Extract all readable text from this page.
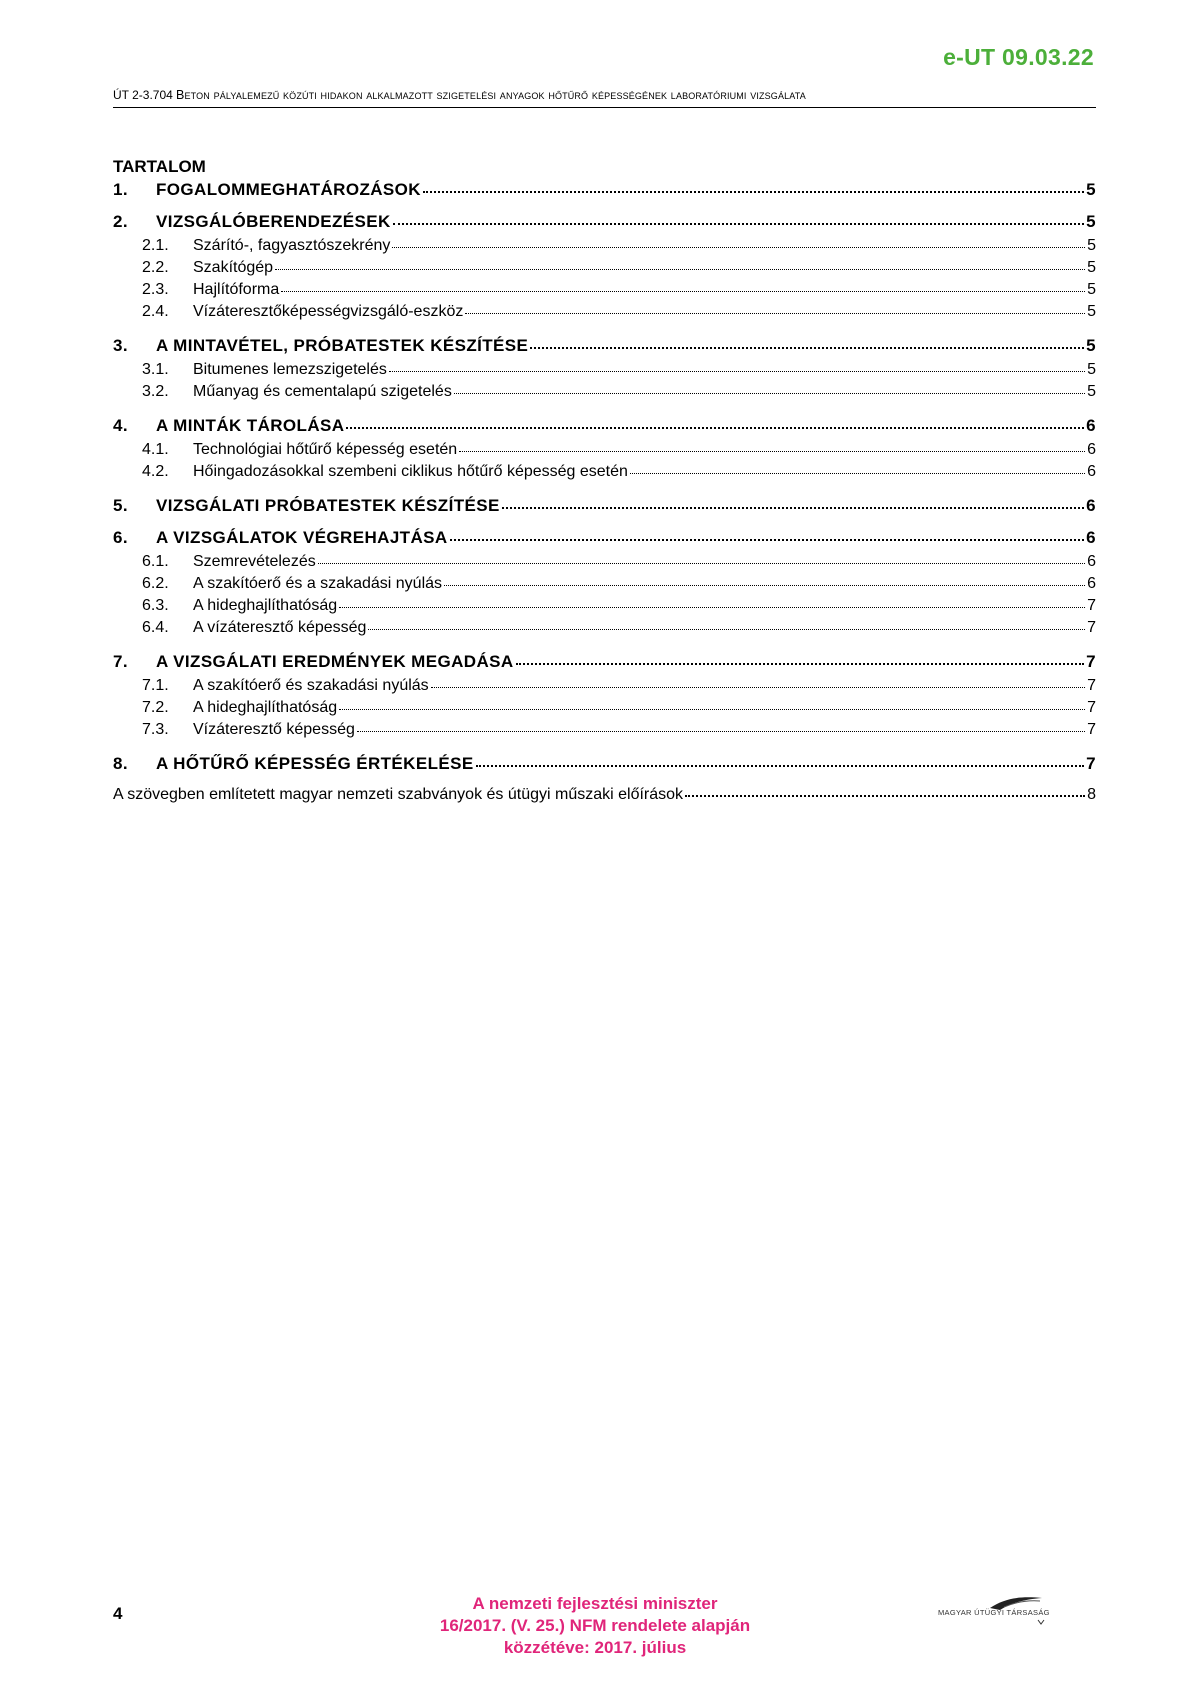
e-UT 09.03.22
ÚT 2-3.704 Beton pályalemezű közúti hidakon alkalmazott szigetelési anyagok hőtűrő képességének laboratóriumi vizsgálata
TARTALOM
1.	FOGALOMMEGHATÁROZÁSOK	5
2.	VIZSGÁLÓBERENDEZÉSEK	5
2.1.	Szárító-, fagyasztószekrény	5
2.2.	Szakítógép	5
2.3.	Hajlítóforma	5
2.4.	Vízáteresztőképességvizsgáló-eszköz	5
3.	A MINTAVÉTEL, PRÓBATESTEK KÉSZÍTÉSE	5
3.1.	Bitumenes lemezszigetelés	5
3.2.	Műanyag és cementalapú szigetelés	5
4.	A MINTÁK TÁROLÁSA	6
4.1.	Technológiai hőtűrő képesség esetén	6
4.2.	Hőingadozásokkal szembeni ciklikus hőtűrő képesség esetén	6
5.	VIZSGÁLATI PRÓBATESTEK KÉSZÍTÉSE	6
6.	A VIZSGÁLATOK VÉGREHAJTÁSA	6
6.1.	Szemrevételezés	6
6.2.	A szakítóerő és a szakadási nyúlás	6
6.3.	A hideghajlíthatóság	7
6.4.	A vízáteresztő képesség	7
7.	A VIZSGÁLATI EREDMÉNYEK MEGADÁSA	7
7.1.	A szakítóerő és szakadási nyúlás	7
7.2.	A hideghajlíthatóság	7
7.3.	Vízáteresztő képesség	7
8.	A HŐTŰRŐ KÉPESSÉG ÉRTÉKELÉSE	7
A szövegben említetett magyar nemzeti szabványok és útügyi műszaki előírások	8
4
A nemzeti fejlesztési miniszter
16/2017. (V. 25.) NFM rendelete alapján
közzétéve: 2017. július
MAGYAR ÚTÜGYI TÁRSASÁG
